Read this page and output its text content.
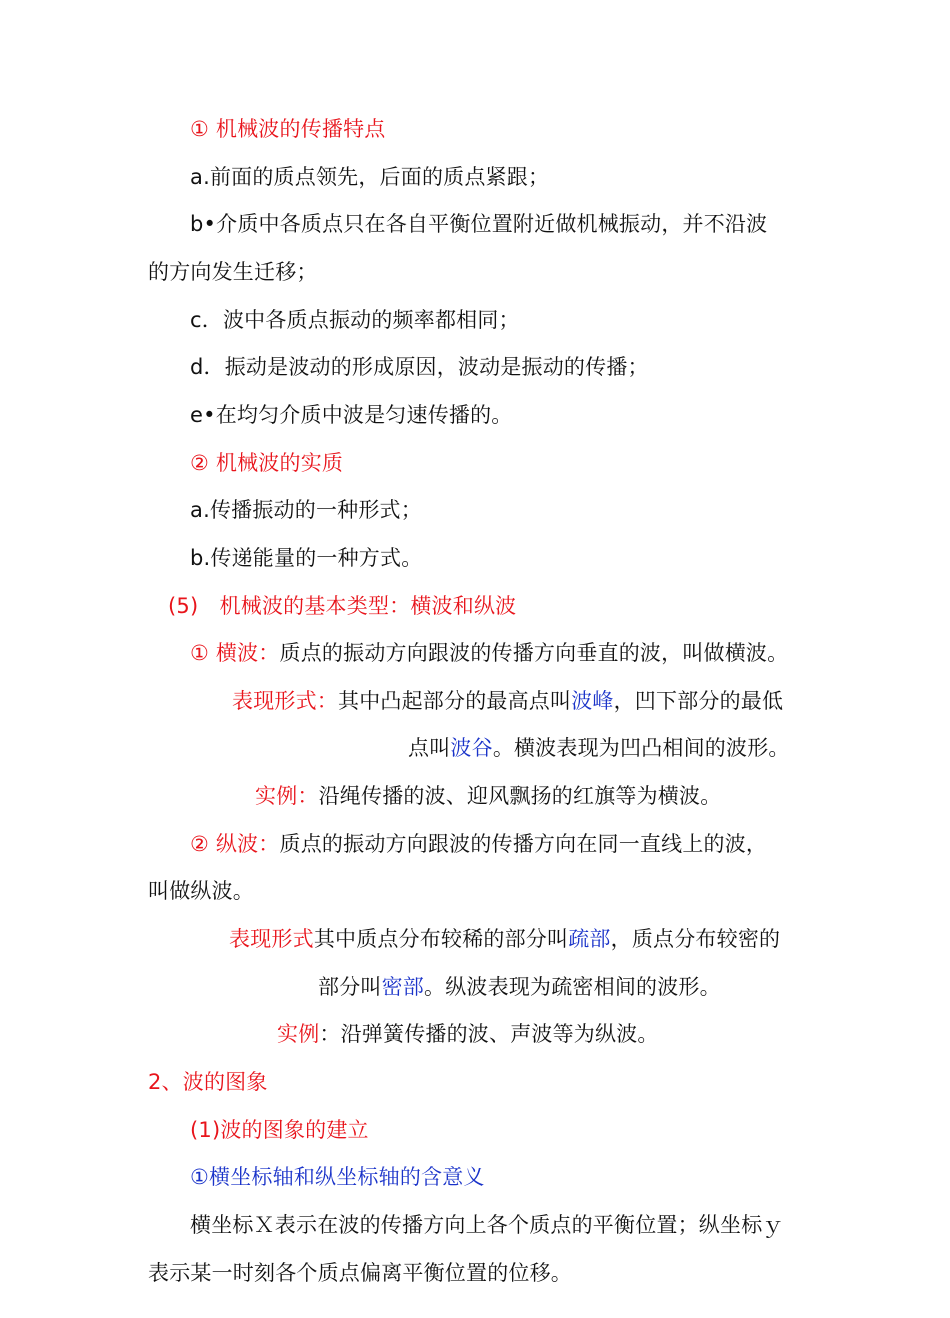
① 机械波的传播特点
a.前面的质点领先，后面的质点紧跟；
b•介质中各质点只在各自平衡位置附近做机械振动，并不沿波
的方向发生迁移；
c．波中各质点振动的频率都相同；
d．振动是波动的形成原因，波动是振动的传播；
e•在均匀介质中波是匀速传播的。
② 机械波的实质
a.传播振动的一种形式；
b.传递能量的一种方式。
(5)　机械波的基本类型：横波和纵波
① 横波：质点的振动方向跟波的传播方向垂直的波，叫做横波。
表现形式：其中凸起部分的最高点叫波峰，凹下部分的最低
点叫波谷。横波表现为凹凸相间的波形。
实例：沿绳传播的波、迎风飘扬的红旗等为横波。
② 纵波：质点的振动方向跟波的传播方向在同一直线上的波，
叫做纵波。
表现形式其中质点分布较稀的部分叫疏部，质点分布较密的
部分叫密部。纵波表现为疏密相间的波形。
实例：沿弹簧传播的波、声波等为纵波。
2、波的图象
(1)波的图象的建立
①横坐标轴和纵坐标轴的含意义
横坐标Ｘ表示在波的传播方向上各个质点的平衡位置；纵坐标ｙ
表示某一时刻各个质点偏离平衡位置的位移。
